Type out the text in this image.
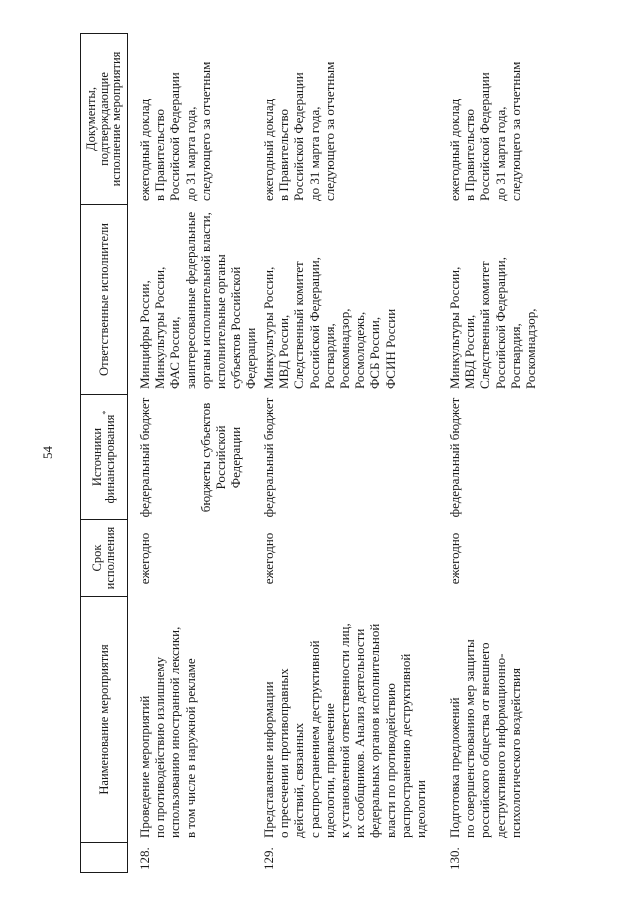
54
Наименование мероприятия
Срок
исполнения
Источники
финансирования*
Ответственные исполнители
Документы,
подтверждающие
исполнение мероприятия
128.
Проведение мероприятий по противодействию излишнему использованию иностранной лексики, в том числе в наружной рекламе
ежегодно
федеральный бюджет	бюджеты субъектов Российской Федерации
Минцифры России, Минкультуры России, ФАС России, заинтересованные федеральные органы исполнительной власти, исполнительные органы субъектов Российской Федерации
ежегодный доклад в Правительство Российской Федерации до 31 марта года, следующего за отчетным
129.
Представление информации о пресечении противоправных действий, связанных с распространением деструктивной идеологии, привлечение к установленной ответственности лиц, их сообщников. Анализ деятельности федеральных органов исполнительной власти по противодействию распространению деструктивной идеологии
ежегодно
федеральный бюджет
Минкультуры России, МВД России, Следственный комитет Российской Федерации, Росгвардия, Роскомнадзор, Росмолодежь, ФСБ России, ФСИН России
ежегодный доклад в Правительство Российской Федерации до 31 марта года, следующего за отчетным
130.
Подготовка предложений по совершенствованию мер защиты российского общества от внешнего деструктивного информационно- психологического воздействия
ежегодно
федеральный бюджет
Минкультуры России, МВД России, Следственный комитет Российской Федерации, Росгвардия, Роскомнадзор,
ежегодный доклад в Правительство Российской Федерации до 31 марта года, следующего за отчетным
